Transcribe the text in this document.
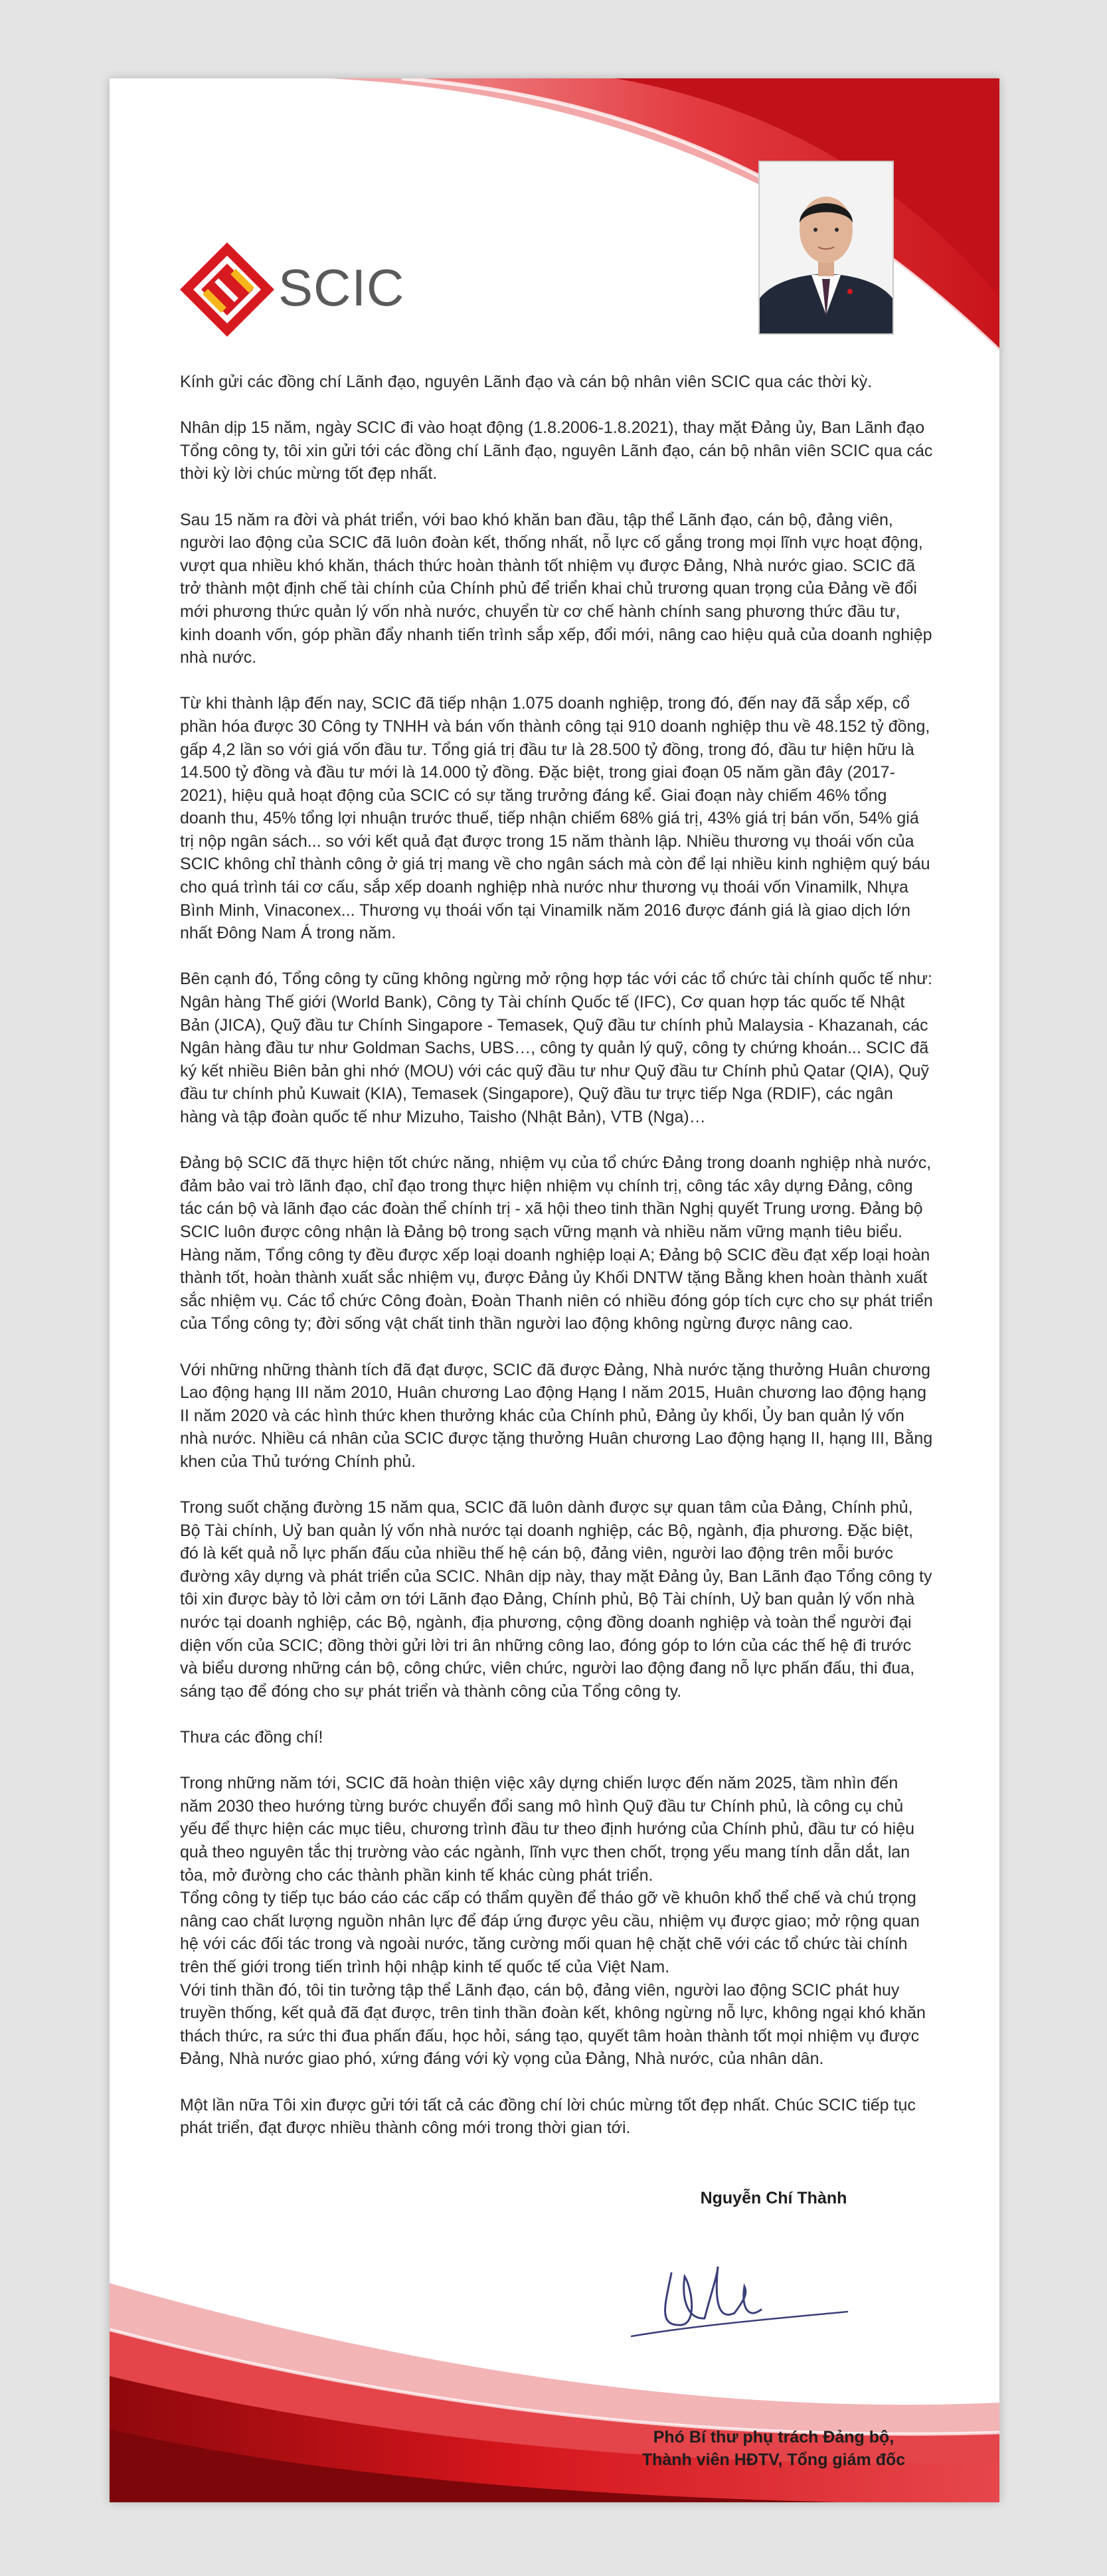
SCIC

Kính gửi các đồng chí Lãnh đạo, nguyên Lãnh đạo và cán bộ nhân viên SCIC qua các thời kỳ.

Nhân dịp 15 năm, ngày SCIC đi vào hoạt động (1.8.2006-1.8.2021), thay mặt Đảng ủy, Ban Lãnh đạo Tổng công ty, tôi xin gửi tới các đồng chí Lãnh đạo, nguyên Lãnh đạo, cán bộ nhân viên SCIC qua các thời kỳ lời chúc mừng tốt đẹp nhất.

Sau 15 năm ra đời và phát triển, với bao khó khăn ban đầu, tập thể Lãnh đạo, cán bộ, đảng viên, người lao động của SCIC đã luôn đoàn kết, thống nhất, nỗ lực cố gắng trong mọi lĩnh vực hoạt động, vượt qua nhiều khó khăn, thách thức hoàn thành tốt nhiệm vụ được Đảng, Nhà nước giao. SCIC đã trở thành một định chế tài chính của Chính phủ để triển khai chủ trương quan trọng của Đảng về đổi mới phương thức quản lý vốn nhà nước, chuyển từ cơ chế hành chính sang phương thức đầu tư, kinh doanh vốn, góp phần đẩy nhanh tiến trình sắp xếp, đổi mới, nâng cao hiệu quả của doanh nghiệp nhà nước.

Từ khi thành lập đến nay, SCIC đã tiếp nhận 1.075 doanh nghiệp, trong đó, đến nay đã sắp xếp, cổ phần hóa được 30 Công ty TNHH và bán vốn thành công tại 910 doanh nghiệp thu về 48.152 tỷ đồng, gấp 4,2 lần so với giá vốn đầu tư. Tổng giá trị đầu tư là 28.500 tỷ đồng, trong đó, đầu tư hiện hữu là 14.500 tỷ đồng và đầu tư mới là 14.000 tỷ đồng. Đặc biệt, trong giai đoạn 05 năm gần đây (2017-2021), hiệu quả hoạt động của SCIC có sự tăng trưởng đáng kể. Giai đoạn này chiếm 46% tổng doanh thu, 45% tổng lợi nhuận trước thuế, tiếp nhận chiếm 68% giá trị, 43% giá trị bán vốn, 54% giá trị nộp ngân sách... so với kết quả đạt được trong 15 năm thành lập. Nhiều thương vụ thoái vốn của SCIC không chỉ thành công ở giá trị mang về cho ngân sách mà còn để lại nhiều kinh nghiệm quý báu cho quá trình tái cơ cấu, sắp xếp doanh nghiệp nhà nước như thương vụ thoái vốn Vinamilk, Nhựa Bình Minh, Vinaconex... Thương vụ thoái vốn tại Vinamilk năm 2016 được đánh giá là giao dịch lớn nhất Đông Nam Á trong năm.

Bên cạnh đó, Tổng công ty cũng không ngừng mở rộng hợp tác với các tổ chức tài chính quốc tế như: Ngân hàng Thế giới (World Bank), Công ty Tài chính Quốc tế (IFC), Cơ quan hợp tác quốc tế Nhật Bản (JICA), Quỹ đầu tư Chính Singapore - Temasek, Quỹ đầu tư chính phủ Malaysia - Khazanah, các Ngân hàng đầu tư như Goldman Sachs, UBS…, công ty quản lý quỹ, công ty chứng khoán... SCIC đã ký kết nhiều Biên bản ghi nhớ (MOU) với các quỹ đầu tư như Quỹ đầu tư Chính phủ Qatar (QIA), Quỹ đầu tư chính phủ Kuwait (KIA), Temasek (Singapore), Quỹ đầu tư trực tiếp Nga (RDIF), các ngân hàng và tập đoàn quốc tế như Mizuho, Taisho (Nhật Bản), VTB (Nga)…

Đảng bộ SCIC đã thực hiện tốt chức năng, nhiệm vụ của tổ chức Đảng trong doanh nghiệp nhà nước, đảm bảo vai trò lãnh đạo, chỉ đạo trong thực hiện nhiệm vụ chính trị, công tác xây dựng Đảng, công tác cán bộ và lãnh đạo các đoàn thể chính trị - xã hội theo tinh thần Nghị quyết Trung ương. Đảng bộ SCIC luôn được công nhận là Đảng bộ trong sạch vững mạnh và nhiều năm vững mạnh tiêu biểu. Hàng năm, Tổng công ty đều được xếp loại doanh nghiệp loại A; Đảng bộ SCIC đều đạt xếp loại hoàn thành tốt, hoàn thành xuất sắc nhiệm vụ, được Đảng ủy Khối DNTW tặng Bằng khen hoàn thành xuất sắc nhiệm vụ. Các tổ chức Công đoàn, Đoàn Thanh niên có nhiều đóng góp tích cực cho sự phát triển của Tổng công ty; đời sống vật chất tinh thần người lao động không ngừng được nâng cao.

Với những những thành tích đã đạt được, SCIC đã được Đảng, Nhà nước tặng thưởng Huân chương Lao động hạng III năm 2010, Huân chương Lao động Hạng I năm 2015, Huân chương lao động hạng II năm 2020 và các hình thức khen thưởng khác của Chính phủ, Đảng ủy khối, Ủy ban quản lý vốn nhà nước. Nhiều cá nhân của SCIC được tặng thưởng Huân chương Lao động hạng II, hạng III, Bằng khen của Thủ tướng Chính phủ.

Trong suốt chặng đường 15 năm qua, SCIC đã luôn dành được sự quan tâm của Đảng, Chính phủ, Bộ Tài chính, Uỷ ban quản lý vốn nhà nước tại doanh nghiệp, các Bộ, ngành, địa phương. Đặc biệt, đó là kết quả nỗ lực phấn đấu của nhiều thế hệ cán bộ, đảng viên, người lao động trên mỗi bước đường xây dựng và phát triển của SCIC. Nhân dịp này, thay mặt Đảng ủy, Ban Lãnh đạo Tổng công ty tôi xin được bày tỏ lời cảm ơn tới Lãnh đạo Đảng, Chính phủ, Bộ Tài chính, Uỷ ban quản lý vốn nhà nước tại doanh nghiệp, các Bộ, ngành, địa phương, cộng đồng doanh nghiệp và toàn thể người đại diện vốn của SCIC; đồng thời gửi lời tri ân những công lao, đóng góp to lớn của các thế hệ đi trước và biểu dương những cán bộ, công chức, viên chức, người lao động đang nỗ lực phấn đấu, thi đua, sáng tạo để đóng cho sự phát triển và thành công của Tổng công ty.

Thưa các đồng chí!

Trong những năm tới, SCIC đã hoàn thiện việc xây dựng chiến lược đến năm 2025, tầm nhìn đến năm 2030 theo hướng từng bước chuyển đổi sang mô hình Quỹ đầu tư Chính phủ, là công cụ chủ yếu để thực hiện các mục tiêu, chương trình đầu tư theo định hướng của Chính phủ, đầu tư có hiệu quả theo nguyên tắc thị trường vào các ngành, lĩnh vực then chốt, trọng yếu mang tính dẫn dắt, lan tỏa, mở đường cho các thành phần kinh tế khác cùng phát triển.

Tổng công ty tiếp tục báo cáo các cấp có thẩm quyền để tháo gỡ về khuôn khổ thể chế và chú trọng nâng cao chất lượng nguồn nhân lực để đáp ứng được yêu cầu, nhiệm vụ được giao; mở rộng quan hệ với các đối tác trong và ngoài nước, tăng cường mối quan hệ chặt chẽ với các tổ chức tài chính trên thế giới trong tiến trình hội nhập kinh tế quốc tế của Việt Nam.

Với tinh thần đó, tôi tin tưởng tập thể Lãnh đạo, cán bộ, đảng viên, người lao động SCIC phát huy truyền thống, kết quả đã đạt được, trên tinh thần đoàn kết, không ngừng nỗ lực, không ngại khó khăn thách thức, ra sức thi đua phấn đấu, học hỏi, sáng tạo, quyết tâm hoàn thành tốt mọi nhiệm vụ được Đảng, Nhà nước giao phó, xứng đáng với kỳ vọng của Đảng, Nhà nước, của nhân dân.

Một lần nữa Tôi xin được gửi tới tất cả các đồng chí lời chúc mừng tốt đẹp nhất. Chúc SCIC tiếp tục phát triển, đạt được nhiều thành công mới trong thời gian tới.

Nguyễn Chí Thành
Phó Bí thư phụ trách Đảng bộ,
Thành viên HĐTV, Tổng giám đốc
